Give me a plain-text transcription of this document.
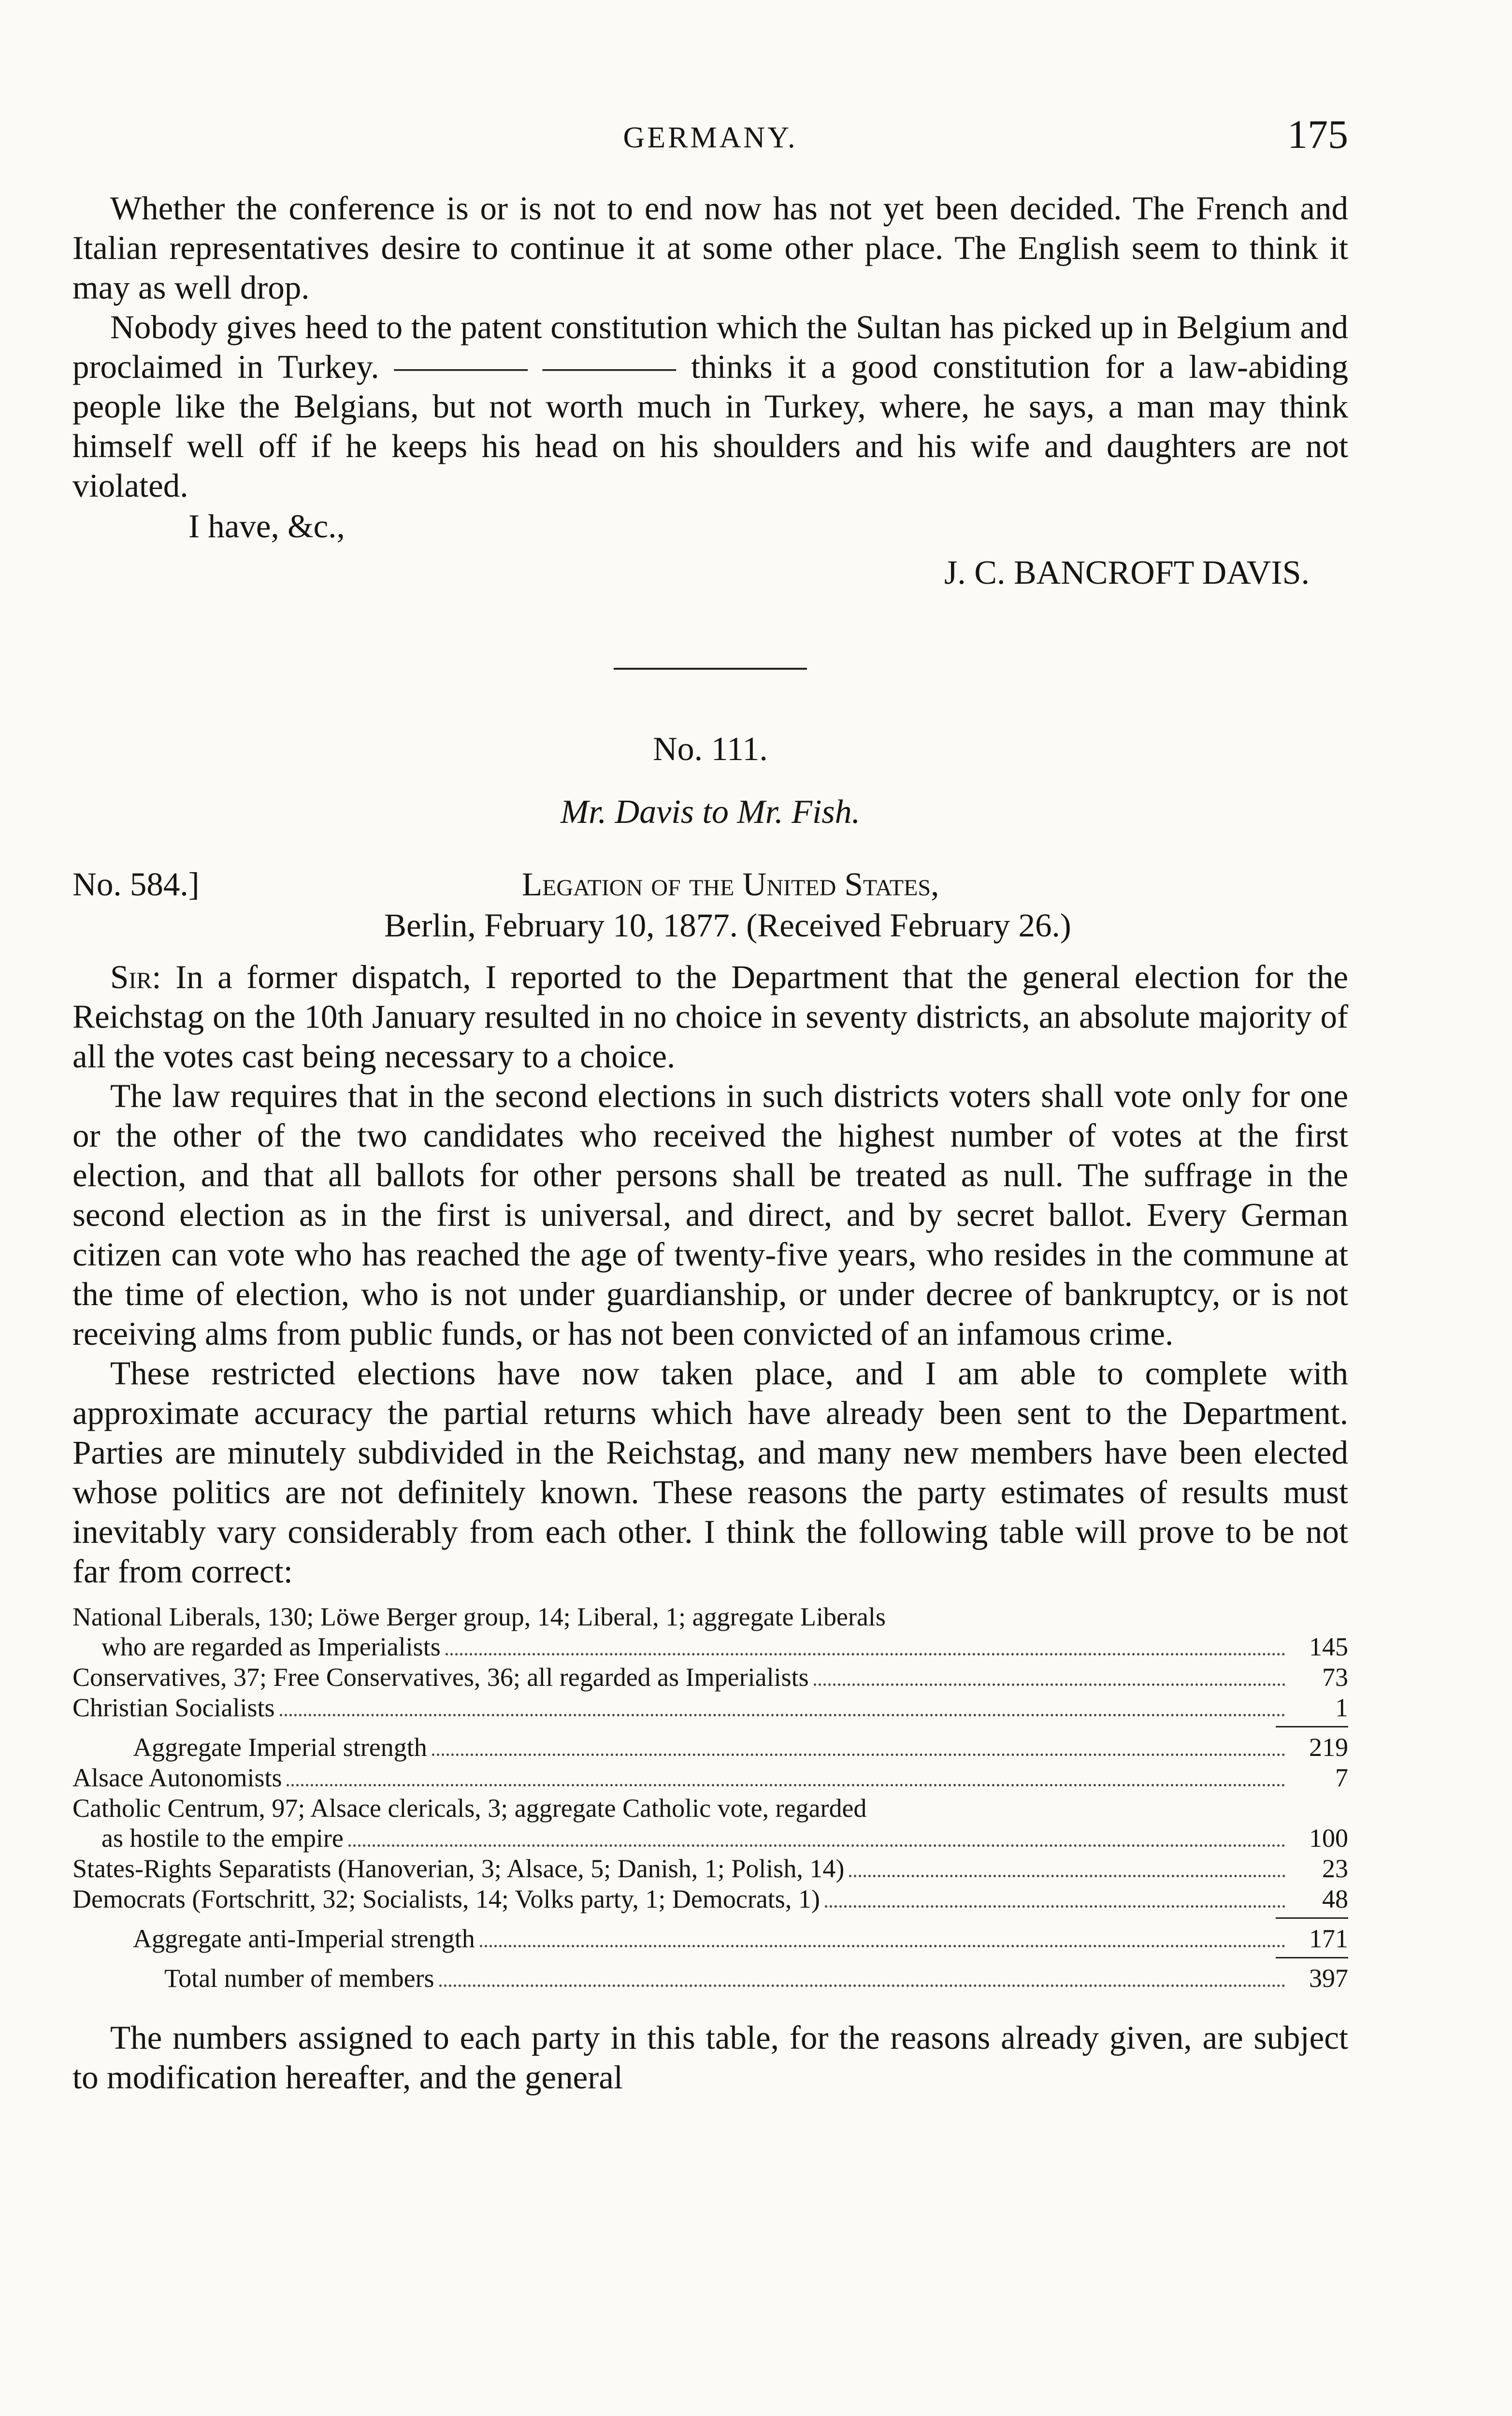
GERMANY.	175

Whether the conference is or is not to end now has not yet been decided. The French and Italian representatives desire to continue it at some other place. The English seem to think it may as well drop.

Nobody gives heed to the patent constitution which the Sultan has picked up in Belgium and proclaimed in Turkey. ———— ———— thinks it a good constitution for a law-abiding people like the Belgians, but not worth much in Turkey, where, he says, a man may think himself well off if he keeps his head on his shoulders and his wife and daughters are not violated.

I have, &c.,
J. C. BANCROFT DAVIS.
No. 111.
Mr. Davis to Mr. Fish.
No. 584.]	Legation of the United States,
Berlin, February 10, 1877. (Received February 26.)

Sir: In a former dispatch, I reported to the Department that the general election for the Reichstag on the 10th January resulted in no choice in seventy districts, an absolute majority of all the votes cast being necessary to a choice.

The law requires that in the second elections in such districts voters shall vote only for one or the other of the two candidates who received the highest number of votes at the first election, and that all ballots for other persons shall be treated as null. The suffrage in the second election as in the first is universal, and direct, and by secret ballot. Every German citizen can vote who has reached the age of twenty-five years, who resides in the commune at the time of election, who is not under guardianship, or under decree of bankruptcy, or is not receiving alms from public funds, or has not been convicted of an infamous crime.

These restricted elections have now taken place, and I am able to complete with approximate accuracy the partial returns which have already been sent to the Department. Parties are minutely subdivided in the Reichstag, and many new members have been elected whose politics are not definitely known. These reasons the party estimates of results must inevitably vary considerably from each other. I think the following table will prove to be not far from correct:

National Liberals, 130; Löwe Berger group, 14; Liberal, 1; aggregate Liberals
who are regarded as Imperialists	145
Conservatives, 37; Free Conservatives, 36; all regarded as Imperialists	73
Christian Socialists	1
Aggregate Imperial strength	219
Alsace Autonomists	7
Catholic Centrum, 97; Alsace clericals, 3; aggregate Catholic vote, regarded
as hostile to the empire	100
States-Rights Separatists (Hanoverian, 3; Alsace, 5; Danish, 1; Polish, 14)	23
Democrats (Fortschritt, 32; Socialists, 14; Volks party, 1; Democrats, 1)	48
Aggregate anti-Imperial strength	171
Total number of members	397

The numbers assigned to each party in this table, for the reasons already given, are subject to modification hereafter, and the general
